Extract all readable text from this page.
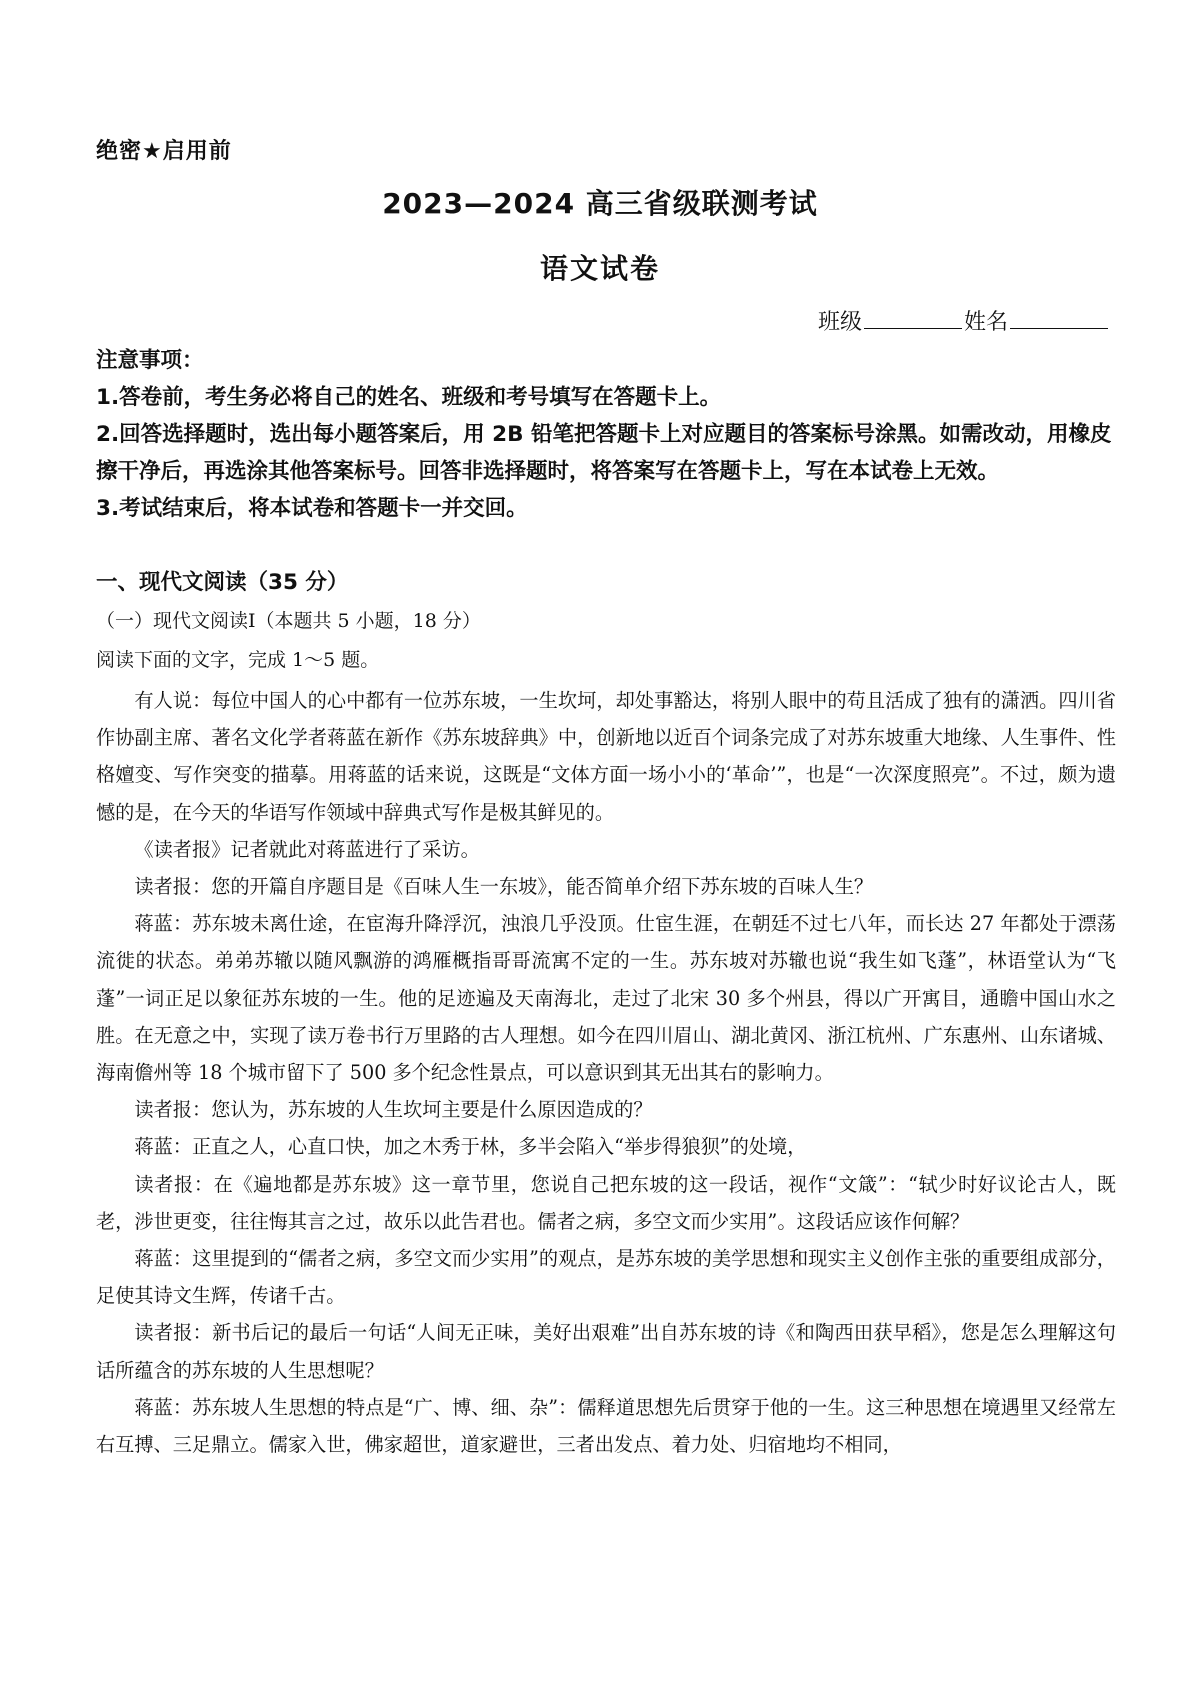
绝密★启用前
2023—2024 高三省级联测考试
语文试卷
班级	姓名

注意事项：

1.答卷前，考生务必将自己的姓名、班级和考号填写在答题卡上。

2.回答选择题时，选出每小题答案后，用 2B 铅笔把答题卡上对应题目的答案标号涂黑。如需改动，用橡皮擦干净后，再选涂其他答案标号。回答非选择题时，将答案写在答题卡上，写在本试卷上无效。

3.考试结束后，将本试卷和答题卡一并交回。

一、现代文阅读（35 分）
（一）现代文阅读Ⅰ（本题共 5 小题，18 分）
阅读下面的文字，完成 1～5 题。

有人说：每位中国人的心中都有一位苏东坡，一生坎坷，却处事豁达，将别人眼中的苟且活成了独有的潇洒。四川省作协副主席、著名文化学者蒋蓝在新作《苏东坡辞典》中，创新地以近百个词条完成了对苏东坡重大地缘、人生事件、性格嬗变、写作突变的描摹。用蒋蓝的话来说，这既是“文体方面一场小小的‘革命’”，也是“一次深度照亮”。不过，颇为遗憾的是，在今天的华语写作领域中辞典式写作是极其鲜见的。

《读者报》记者就此对蒋蓝进行了采访。

读者报：您的开篇自序题目是《百味人生一东坡》，能否简单介绍下苏东坡的百味人生？

蒋蓝：苏东坡未离仕途，在宦海升降浮沉，浊浪几乎没顶。仕宦生涯，在朝廷不过七八年，而长达 27 年都处于漂荡流徙的状态。弟弟苏辙以随风飘游的鸿雁概指哥哥流寓不定的一生。苏东坡对苏辙也说“我生如飞蓬”，林语堂认为“飞蓬”一词正足以象征苏东坡的一生。他的足迹遍及天南海北，走过了北宋 30 多个州县，得以广开寓目，通瞻中国山水之胜。在无意之中，实现了读万卷书行万里路的古人理想。如今在四川眉山、湖北黄冈、浙江杭州、广东惠州、山东诸城、海南儋州等 18 个城市留下了 500 多个纪念性景点，可以意识到其无出其右的影响力。

读者报：您认为，苏东坡的人生坎坷主要是什么原因造成的？

蒋蓝：正直之人，心直口快，加之木秀于林，多半会陷入“举步得狼狈”的处境，

读者报：在《遍地都是苏东坡》这一章节里，您说自己把东坡的这一段话，视作“文箴”：“轼少时好议论古人，既老，涉世更变，往往悔其言之过，故乐以此告君也。儒者之病，多空文而少实用”。这段话应该作何解？

蒋蓝：这里提到的“儒者之病，多空文而少实用”的观点，是苏东坡的美学思想和现实主义创作主张的重要组成部分，足使其诗文生辉，传诸千古。

读者报：新书后记的最后一句话“人间无正味，美好出艰难”出自苏东坡的诗《和陶西田获早稻》，您是怎么理解这句话所蕴含的苏东坡的人生思想呢？

蒋蓝：苏东坡人生思想的特点是“广、博、细、杂”：儒释道思想先后贯穿于他的一生。这三种思想在境遇里又经常左右互搏、三足鼎立。儒家入世，佛家超世，道家避世，三者出发点、着力处、归宿地均不相同，
